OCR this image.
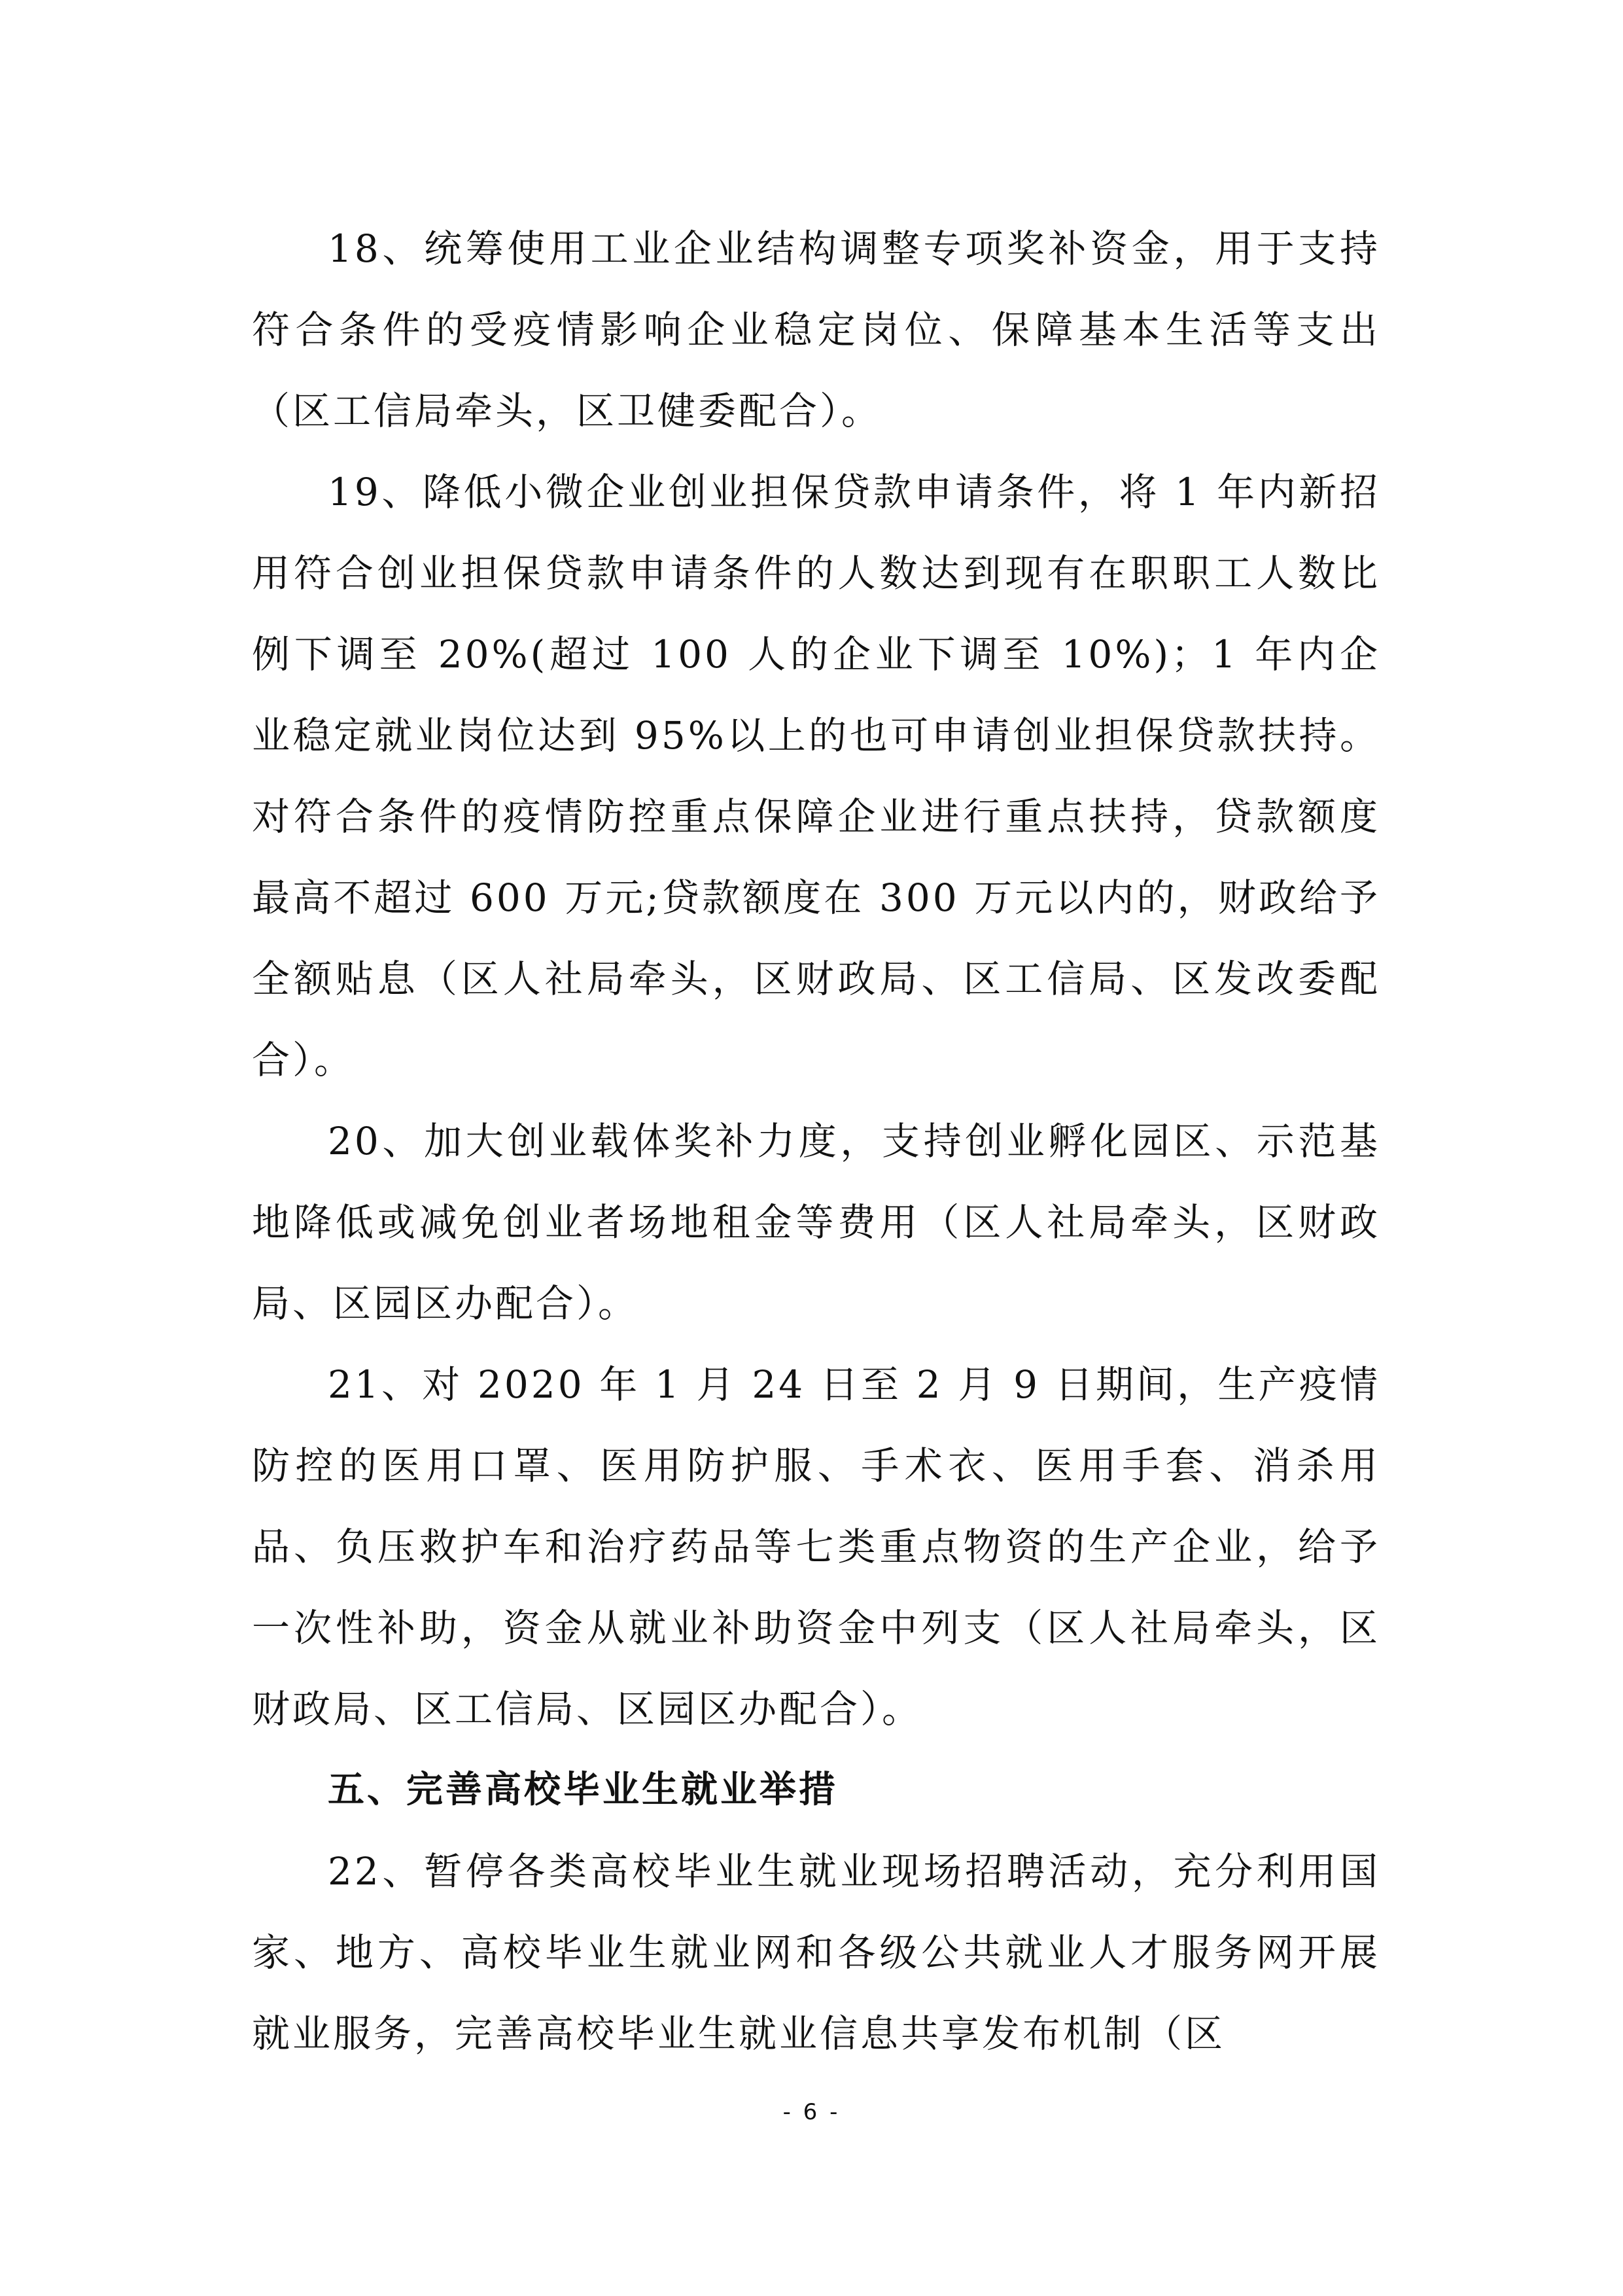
18、统筹使用工业企业结构调整专项奖补资金，用于支持符合条件的受疫情影响企业稳定岗位、保障基本生活等支出（区工信局牵头，区卫健委配合）。

19、降低小微企业创业担保贷款申请条件，将 1 年内新招用符合创业担保贷款申请条件的人数达到现有在职职工人数比例下调至 20%(超过 100 人的企业下调至 10%)；1 年内企业稳定就业岗位达到 95%以上的也可申请创业担保贷款扶持。对符合条件的疫情防控重点保障企业进行重点扶持，贷款额度最高不超过 600 万元;贷款额度在 300 万元以内的，财政给予全额贴息（区人社局牵头，区财政局、区工信局、区发改委配合）。

20、加大创业载体奖补力度，支持创业孵化园区、示范基地降低或减免创业者场地租金等费用（区人社局牵头，区财政局、区园区办配合）。

21、对 2020 年 1 月 24 日至 2 月 9 日期间，生产疫情防控的医用口罩、医用防护服、手术衣、医用手套、消杀用品、负压救护车和治疗药品等七类重点物资的生产企业，给予一次性补助，资金从就业补助资金中列支（区人社局牵头，区财政局、区工信局、区园区办配合）。

五、完善高校毕业生就业举措

22、暂停各类高校毕业生就业现场招聘活动，充分利用国家、地方、高校毕业生就业网和各级公共就业人才服务网开展就业服务，完善高校毕业生就业信息共享发布机制（区

- 6 -
